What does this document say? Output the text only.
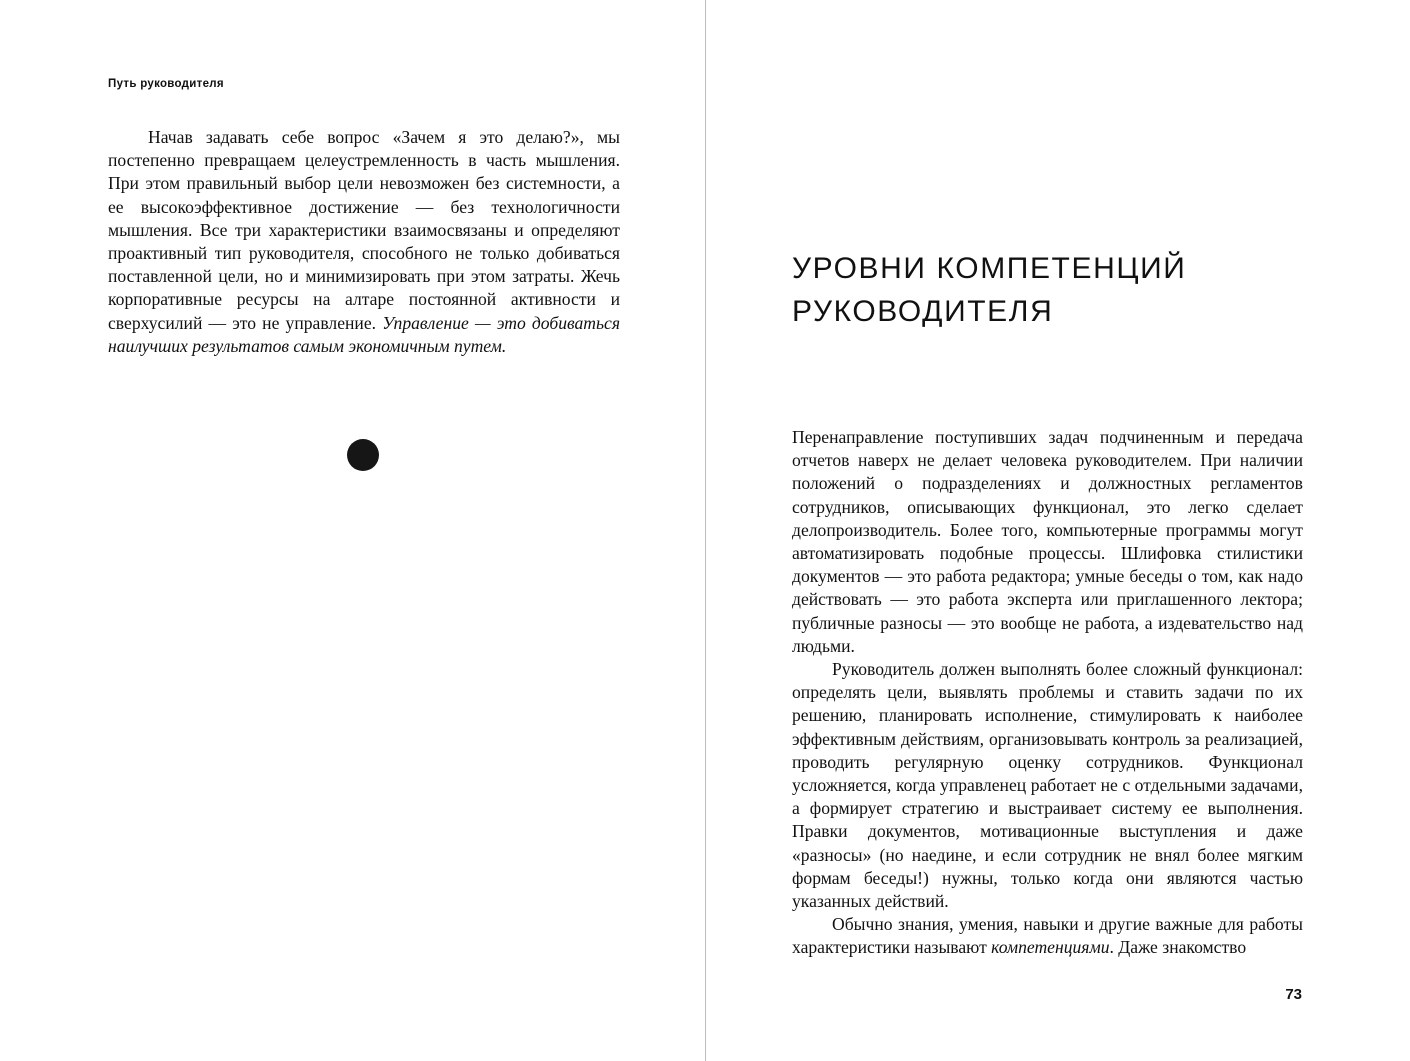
Путь руководителя

Начав задавать себе вопрос «Зачем я это делаю?», мы постепенно превращаем целеустремленность в часть мышления. При этом правильный выбор цели невозможен без системности, а ее высокоэффективное достижение — без технологичности мышления. Все три характеристики взаимосвязаны и определяют проактивный тип руководителя, способного не только добиваться поставленной цели, но и минимизировать при этом затраты. Жечь корпоративные ресурсы на алтаре постоянной активности и сверхусилий — это не управление. Управление — это добиваться наилучших результатов самым экономичным путем.

УРОВНИ КОМПЕТЕНЦИЙ
РУКОВОДИТЕЛЯ

Перенаправление поступивших задач подчиненным и передача отчетов наверх не делает человека руководителем. При наличии положений о подразделениях и должностных регламентов сотрудников, описывающих функционал, это легко сделает делопроизводитель. Более того, компьютерные программы могут автоматизировать подобные процессы. Шлифовка стилистики документов — это работа редактора; умные беседы о том, как надо действовать — это работа эксперта или приглашенного лектора; публичные разносы — это вообще не работа, а издевательство над людьми.

Руководитель должен выполнять более сложный функционал: определять цели, выявлять проблемы и ставить задачи по их решению, планировать исполнение, стимулировать к наиболее эффективным действиям, организовывать контроль за реализацией, проводить регулярную оценку сотрудников. Функционал усложняется, когда управленец работает не с отдельными задачами, а формирует стратегию и выстраивает систему ее выполнения. Правки документов, мотивационные выступления и даже «разносы» (но наедине, и если сотрудник не внял более мягким формам беседы!) нужны, только когда они являются частью указанных действий.

Обычно знания, умения, навыки и другие важные для работы характеристики называют компетенциями. Даже знакомство

73
